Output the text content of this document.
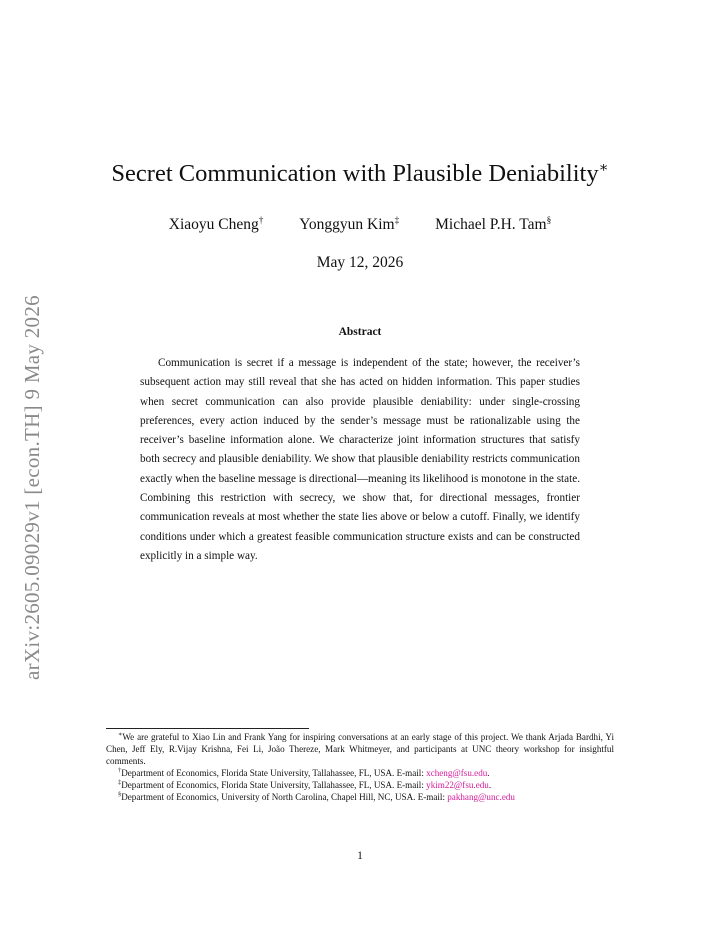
arXiv:2605.09029v1 [econ.TH] 9 May 2026
Secret Communication with Plausible Deniability∗
Xiaoyu Cheng† Yonggyun Kim‡ Michael P.H. Tam§
May 12, 2026
Abstract
Communication is secret if a message is independent of the state; however, the receiver’s subsequent action may still reveal that she has acted on hidden information. This paper studies when secret communication can also provide plausible deniability: under single-crossing preferences, every action induced by the sender’s message must be rationalizable using the receiver’s baseline information alone. We characterize joint information structures that satisfy both secrecy and plausible deniability. We show that plausible deniability restricts communication exactly when the baseline message is directional—meaning its likelihood is monotone in the state. Combining this restriction with secrecy, we show that, for directional messages, frontier communication reveals at most whether the state lies above or below a cutoff. Finally, we identify conditions under which a greatest feasible communication structure exists and can be constructed explicitly in a simple way.

∗We are grateful to Xiao Lin and Frank Yang for inspiring conversations at an early stage of this project. We thank Arjada Bardhi, Yi Chen, Jeff Ely, R.Vijay Krishna, Fei Li, João Thereze, Mark Whitmeyer, and participants at UNC theory workshop for insightful comments.

†Department of Economics, Florida State University, Tallahassee, FL, USA. E-mail: xcheng@fsu.edu.

‡Department of Economics, Florida State University, Tallahassee, FL, USA. E-mail: ykim22@fsu.edu.

§Department of Economics, University of North Carolina, Chapel Hill, NC, USA. E-mail: pakhang@unc.edu

1
